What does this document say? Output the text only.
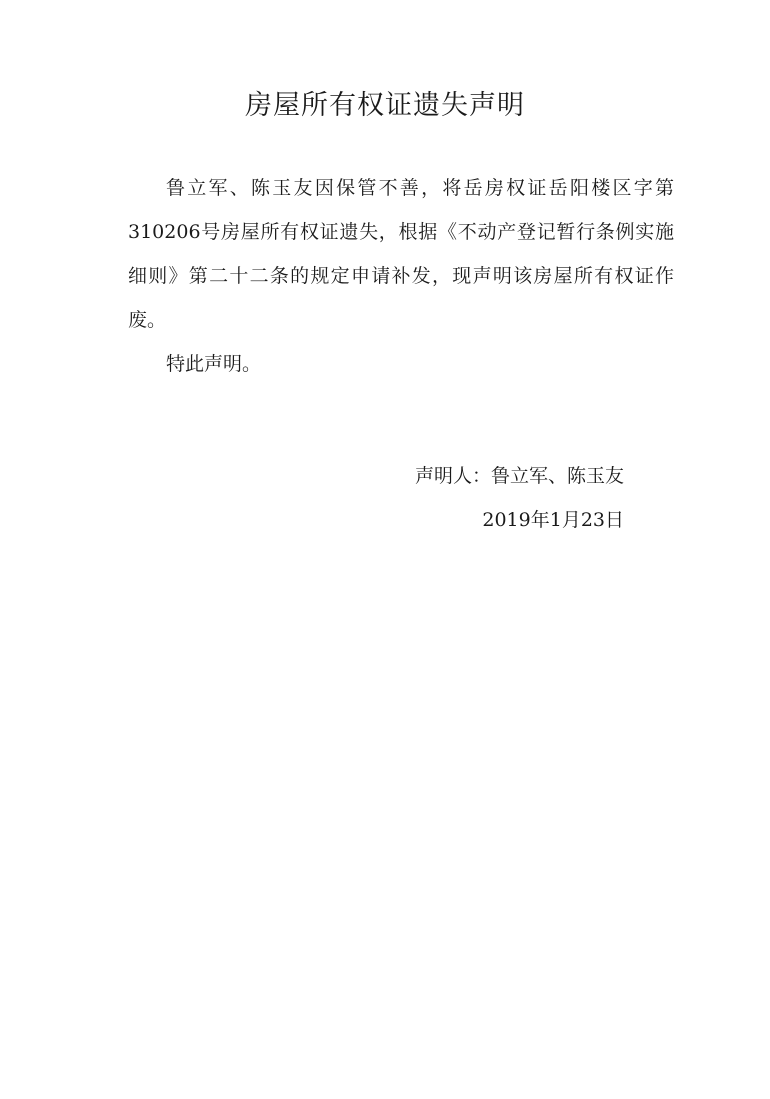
房屋所有权证遗失声明

鲁立军、陈玉友因保管不善，将岳房权证岳阳楼区字第310206号房屋所有权证遗失，根据《不动产登记暂行条例实施细则》第二十二条的规定申请补发，现声明该房屋所有权证作废。

特此声明。

声明人：鲁立军、陈玉友
2019年1月23日
